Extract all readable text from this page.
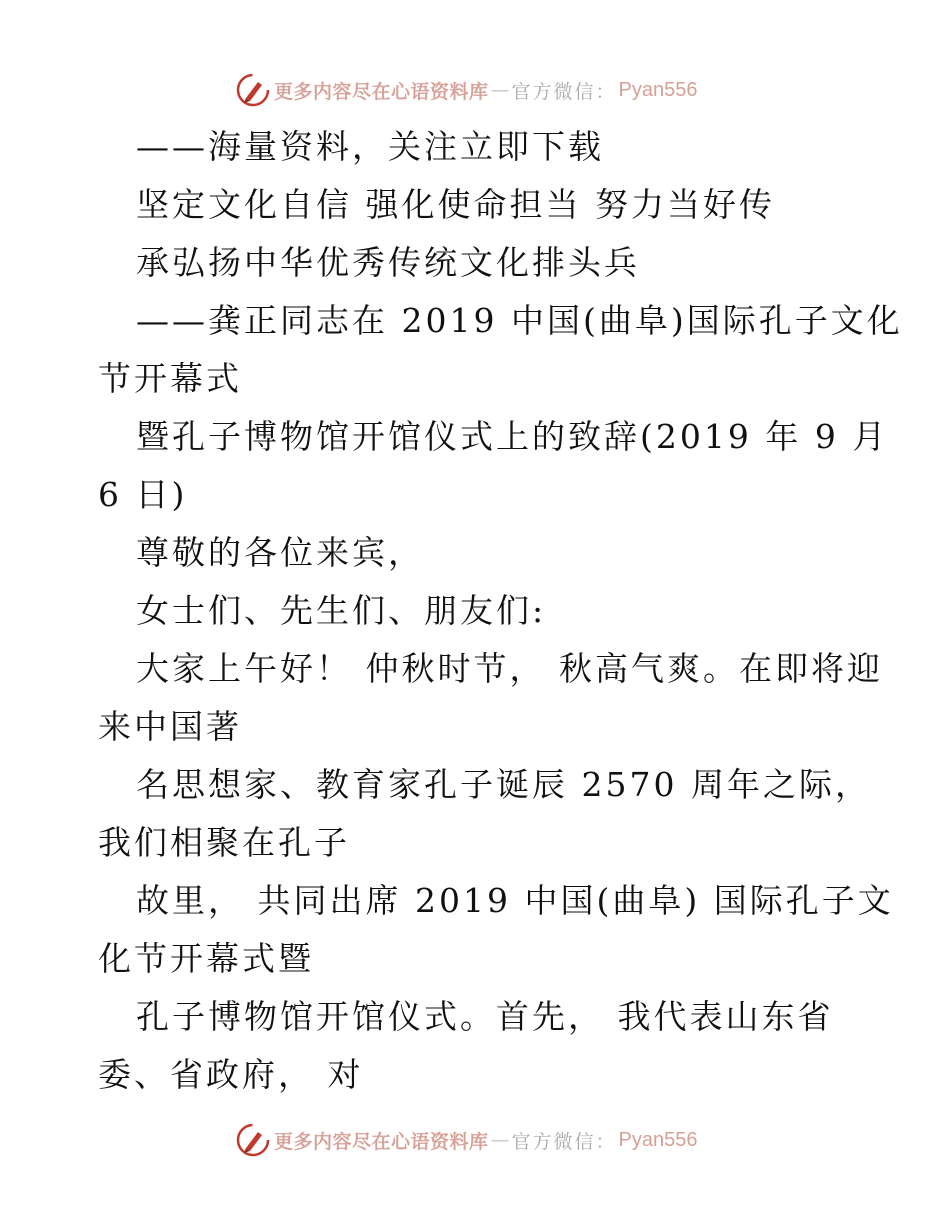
更多内容尽在心语资料库 — 官方微信： Pyan556
——海量资料，关注立即下载
坚定文化自信 强化使命担当 努力当好传
承弘扬中华优秀传统文化排头兵
——龚正同志在 2019 中国(曲阜)国际孔子文化
节开幕式
暨孔子博物馆开馆仪式上的致辞(2019 年 9 月
6 日)
尊敬的各位来宾，
女士们、先生们、朋友们:
大家上午好！ 仲秋时节， 秋高气爽。在即将迎
来中国著
名思想家、教育家孔子诞辰 2570 周年之际，
我们相聚在孔子
故里， 共同出席 2019 中国(曲阜) 国际孔子文
化节开幕式暨
孔子博物馆开馆仪式。首先， 我代表山东省
委、省政府， 对
更多内容尽在心语资料库 — 官方微信： Pyan556
